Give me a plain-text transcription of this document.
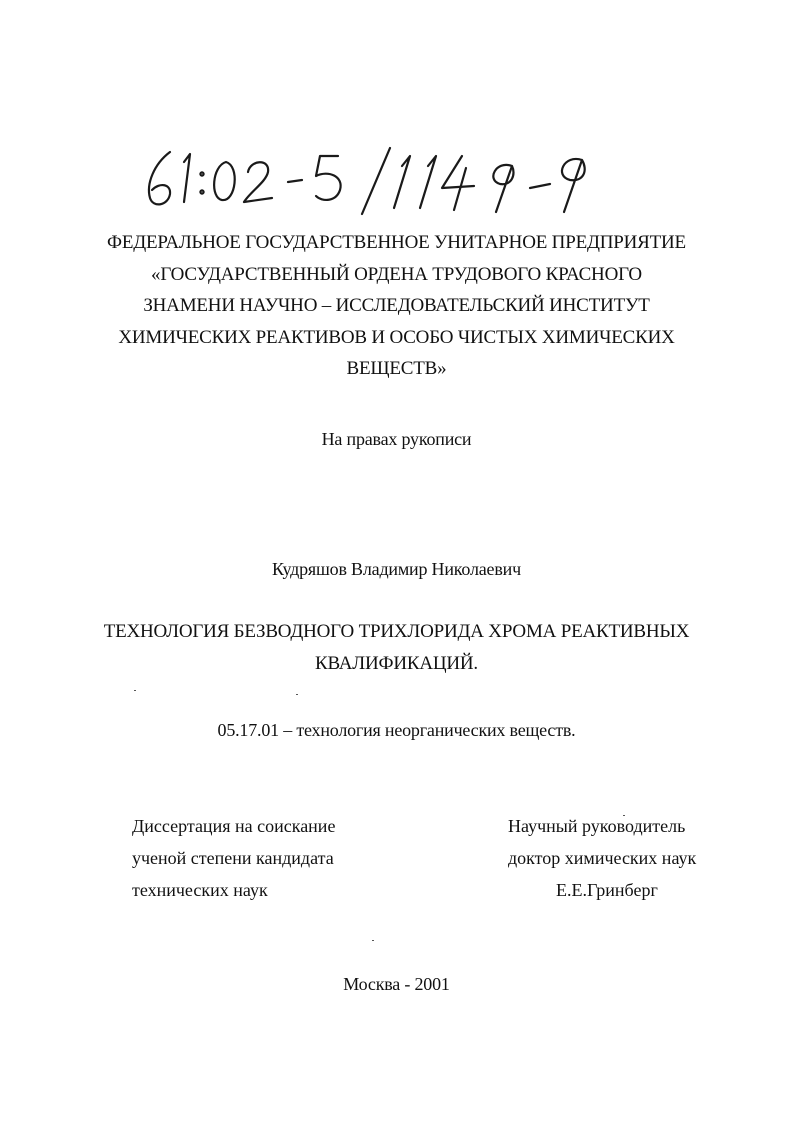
ФЕДЕРАЛЬНОЕ ГОСУДАРСТВЕННОЕ УНИТАРНОЕ ПРЕДПРИЯТИЕ
«ГОСУДАРСТВЕННЫЙ ОРДЕНА ТРУДОВОГО КРАСНОГО
ЗНАМЕНИ НАУЧНО – ИССЛЕДОВАТЕЛЬСКИЙ ИНСТИТУТ
ХИМИЧЕСКИХ РЕАКТИВОВ И ОСОБО ЧИСТЫХ ХИМИЧЕСКИХ
ВЕЩЕСТВ»
На правах рукописи
Кудряшов Владимир Николаевич
ТЕХНОЛОГИЯ БЕЗВОДНОГО ТРИХЛОРИДА ХРОМА РЕАКТИВНЫХ
КВАЛИФИКАЦИЙ.
05.17.01 – технология неорганических веществ.
Диссертация на соискание
ученой степени кандидата
технических наук
Научный руководитель
доктор химических наук
Е.Е.Гринберг
Москва - 2001
